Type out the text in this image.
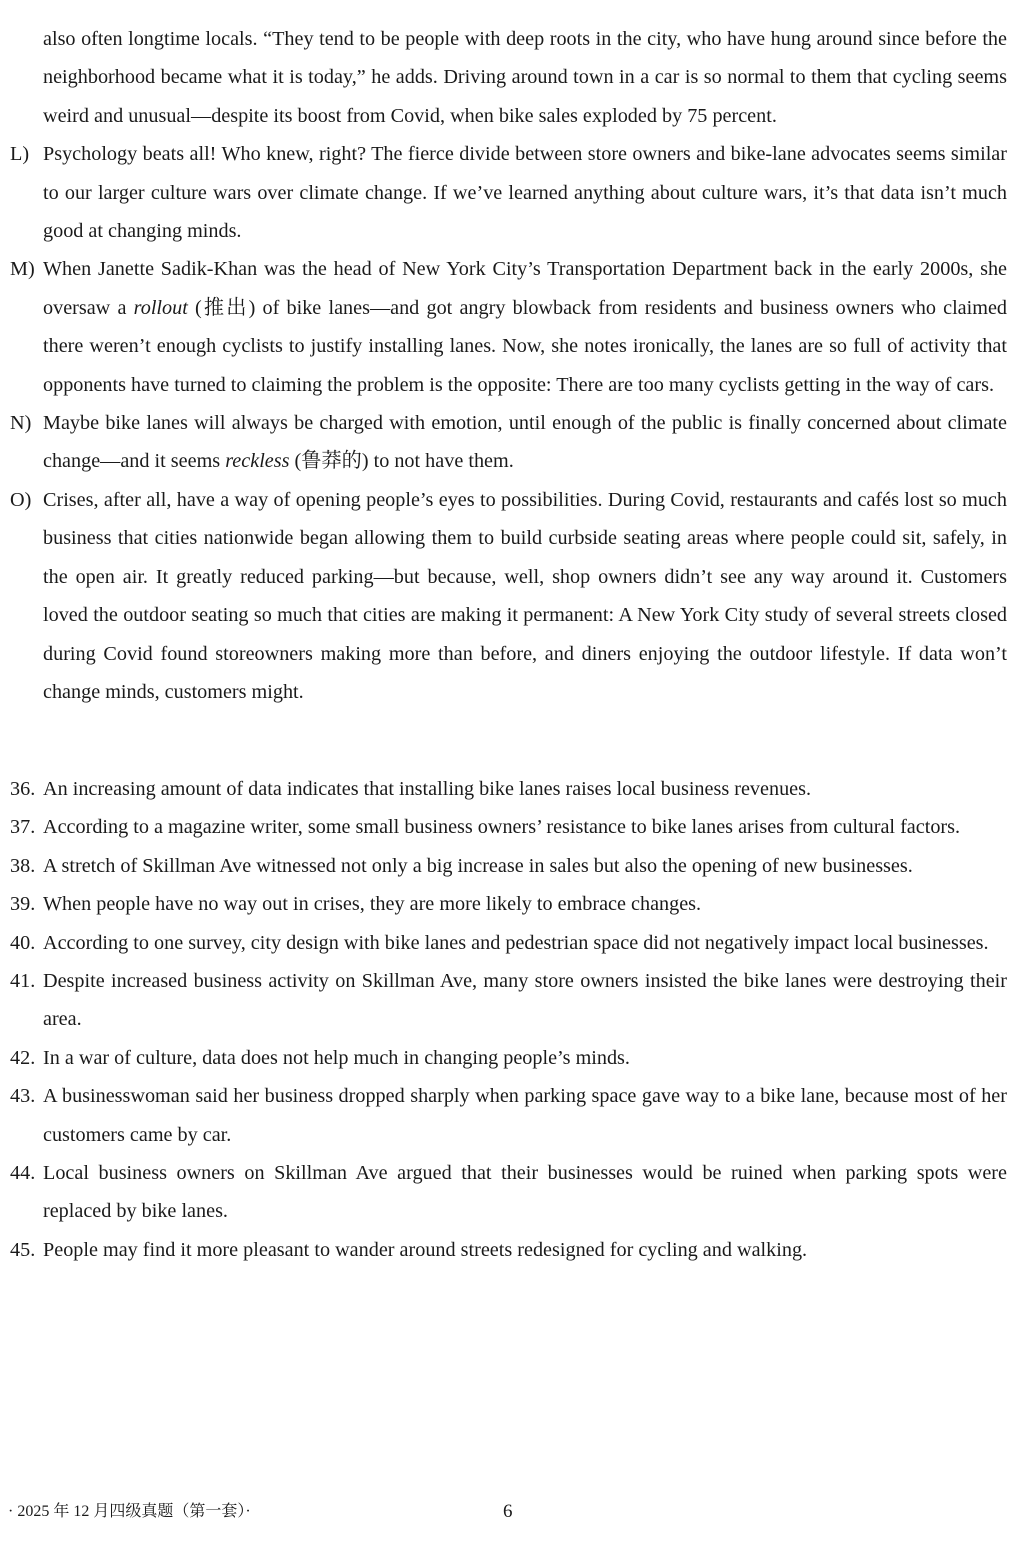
also often longtime locals. “They tend to be people with deep roots in the city, who have hung around since before the neighborhood became what it is today,” he adds. Driving around town in a car is so normal to them that cycling seems weird and unusual—despite its boost from Covid, when bike sales exploded by 75 percent.

L) Psychology beats all! Who knew, right? The fierce divide between store owners and bike-lane advocates seems similar to our larger culture wars over climate change. If we’ve learned anything about culture wars, it’s that data isn’t much good at changing minds.

M) When Janette Sadik-Khan was the head of New York City’s Transportation Department back in the early 2000s, she oversaw a rollout (推出) of bike lanes—and got angry blowback from residents and business owners who claimed there weren’t enough cyclists to justify installing lanes. Now, she notes ironically, the lanes are so full of activity that opponents have turned to claiming the problem is the opposite: There are too many cyclists getting in the way of cars.

N) Maybe bike lanes will always be charged with emotion, until enough of the public is finally concerned about climate change—and it seems reckless (鲁莽的) to not have them.

O) Crises, after all, have a way of opening people’s eyes to possibilities. During Covid, restaurants and cafés lost so much business that cities nationwide began allowing them to build curbside seating areas where people could sit, safely, in the open air. It greatly reduced parking—but because, well, shop owners didn’t see any way around it. Customers loved the outdoor seating so much that cities are making it permanent: A New York City study of several streets closed during Covid found storeowners making more than before, and diners enjoying the outdoor lifestyle. If data won’t change minds, customers might.

36. An increasing amount of data indicates that installing bike lanes raises local business revenues.

37. According to a magazine writer, some small business owners’ resistance to bike lanes arises from cultural factors.

38. A stretch of Skillman Ave witnessed not only a big increase in sales but also the opening of new businesses.

39. When people have no way out in crises, they are more likely to embrace changes.

40. According to one survey, city design with bike lanes and pedestrian space did not negatively impact local businesses.

41. Despite increased business activity on Skillman Ave, many store owners insisted the bike lanes were destroying their area.

42. In a war of culture, data does not help much in changing people’s minds.

43. A businesswoman said her business dropped sharply when parking space gave way to a bike lane, because most of her customers came by car.

44. Local business owners on Skillman Ave argued that their businesses would be ruined when parking spots were replaced by bike lanes.

45. People may find it more pleasant to wander around streets redesigned for cycling and walking.

· 2025 年 12 月四级真题（第一套）·	6
